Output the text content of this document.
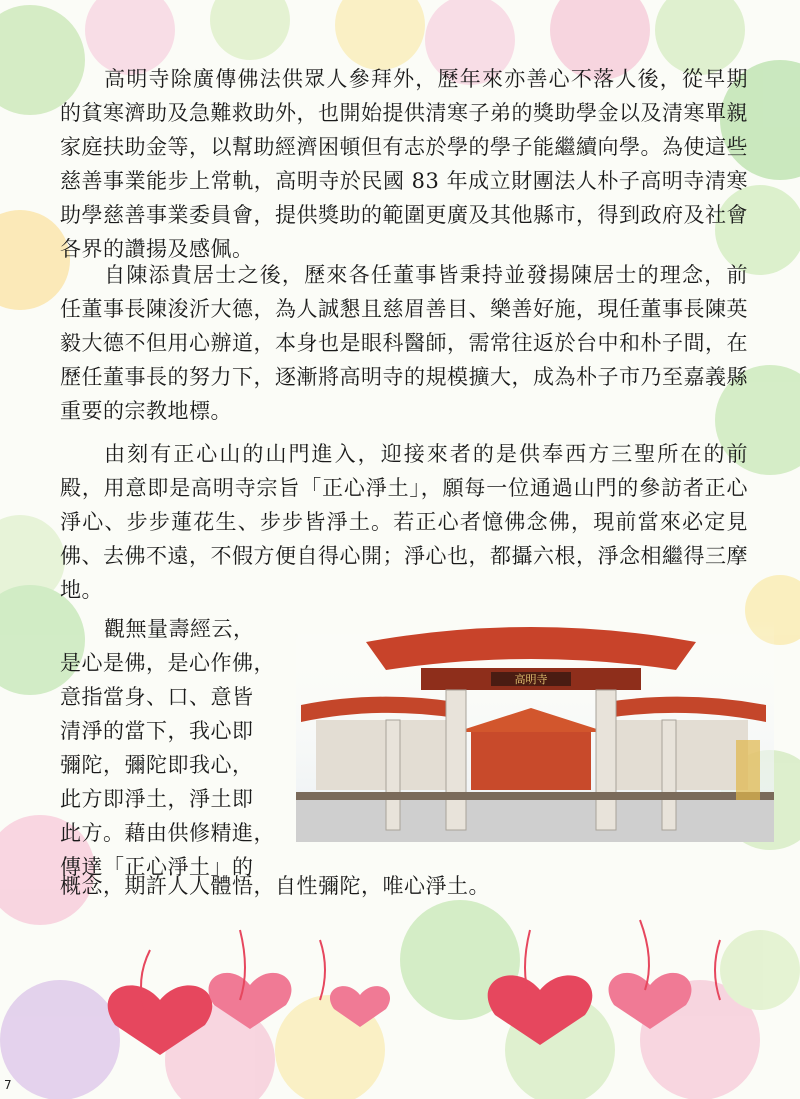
高明寺除廣傳佛法供眾人參拜外，歷年來亦善心不落人後，從早期的貧寒濟助及急難救助外，也開始提供清寒子弟的獎助學金以及清寒單親家庭扶助金等，以幫助經濟困頓但有志於學的學子能繼續向學。為使這些慈善事業能步上常軌，高明寺於民國 83 年成立財團法人朴子高明寺清寒助學慈善事業委員會，提供獎助的範圍更廣及其他縣市，得到政府及社會各界的讚揚及感佩。

自陳添貴居士之後，歷來各任董事皆秉持並發揚陳居士的理念，前任董事長陳浚沂大德，為人誠懇且慈眉善目、樂善好施，現任董事長陳英毅大德不但用心辦道，本身也是眼科醫師，需常往返於台中和朴子間，在歷任董事長的努力下，逐漸將高明寺的規模擴大，成為朴子市乃至嘉義縣重要的宗教地標。

由刻有正心山的山門進入，迎接來者的是供奉西方三聖所在的前殿，用意即是高明寺宗旨「正心淨土」，願每一位通過山門的參訪者正心淨心、步步蓮花生、步步皆淨土。若正心者憶佛念佛，現前當來必定見佛、去佛不遠，不假方便自得心開；淨心也，都攝六根，淨念相繼得三摩地。

觀無量壽經云，
是心是佛，是心作佛，
意指當身、口、意皆
清淨的當下，我心即
彌陀，彌陀即我心，
此方即淨土，淨土即
此方。藉由供修精進，
傳達「正心淨土」的
概念，期許人人體悟，自性彌陀，唯心淨土。
高明寺
7
